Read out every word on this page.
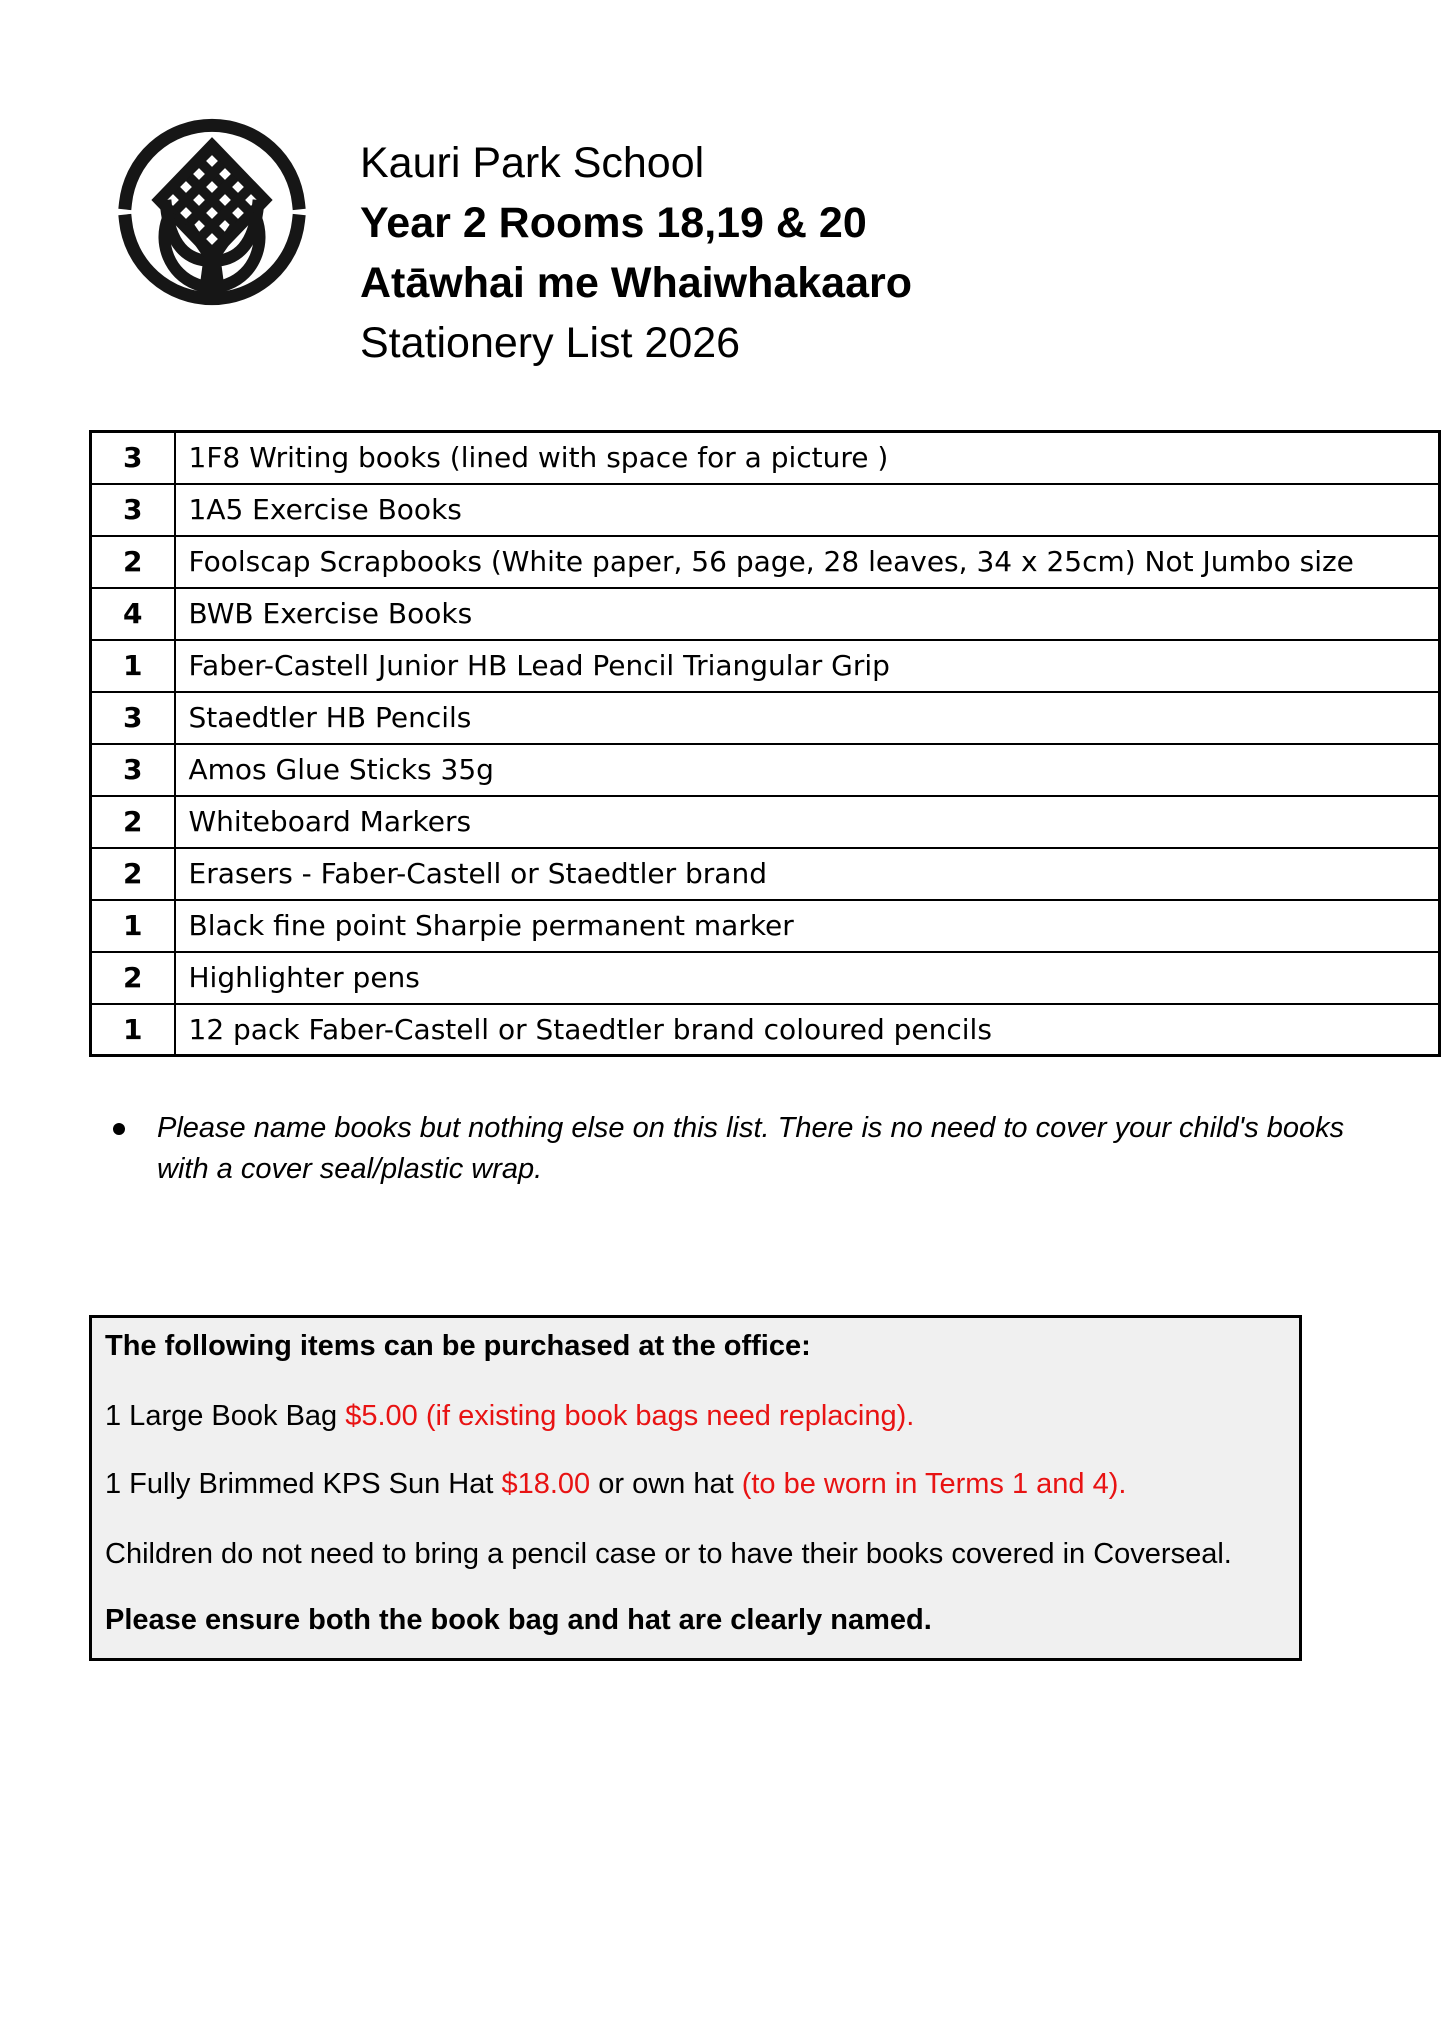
Kauri Park School
Year 2 Rooms 18,19 & 20
Atāwhai me Whaiwhakaaro
Stationery List 2026
3	1F8 Writing books (lined with space for a picture )
3	1A5 Exercise Books
2	Foolscap Scrapbooks (White paper, 56 page, 28 leaves, 34 x 25cm) Not Jumbo size
4	BWB Exercise Books
1	Faber-Castell Junior HB Lead Pencil Triangular Grip
3	Staedtler HB Pencils
3	Amos Glue Sticks 35g
2	Whiteboard Markers
2	Erasers - Faber-Castell or Staedtler brand
1	Black fine point Sharpie permanent marker
2	Highlighter pens
1	12 pack Faber-Castell or Staedtler brand coloured pencils
Please name books but nothing else on this list. There is no need to cover your child's books with a cover seal/plastic wrap.

The following items can be purchased at the office:

1 Large Book Bag $5.00 (if existing book bags need replacing).

1 Fully Brimmed KPS Sun Hat $18.00 or own hat (to be worn in Terms 1 and 4).

Children do not need to bring a pencil case or to have their books covered in Coverseal.

Please ensure both the book bag and hat are clearly named.
